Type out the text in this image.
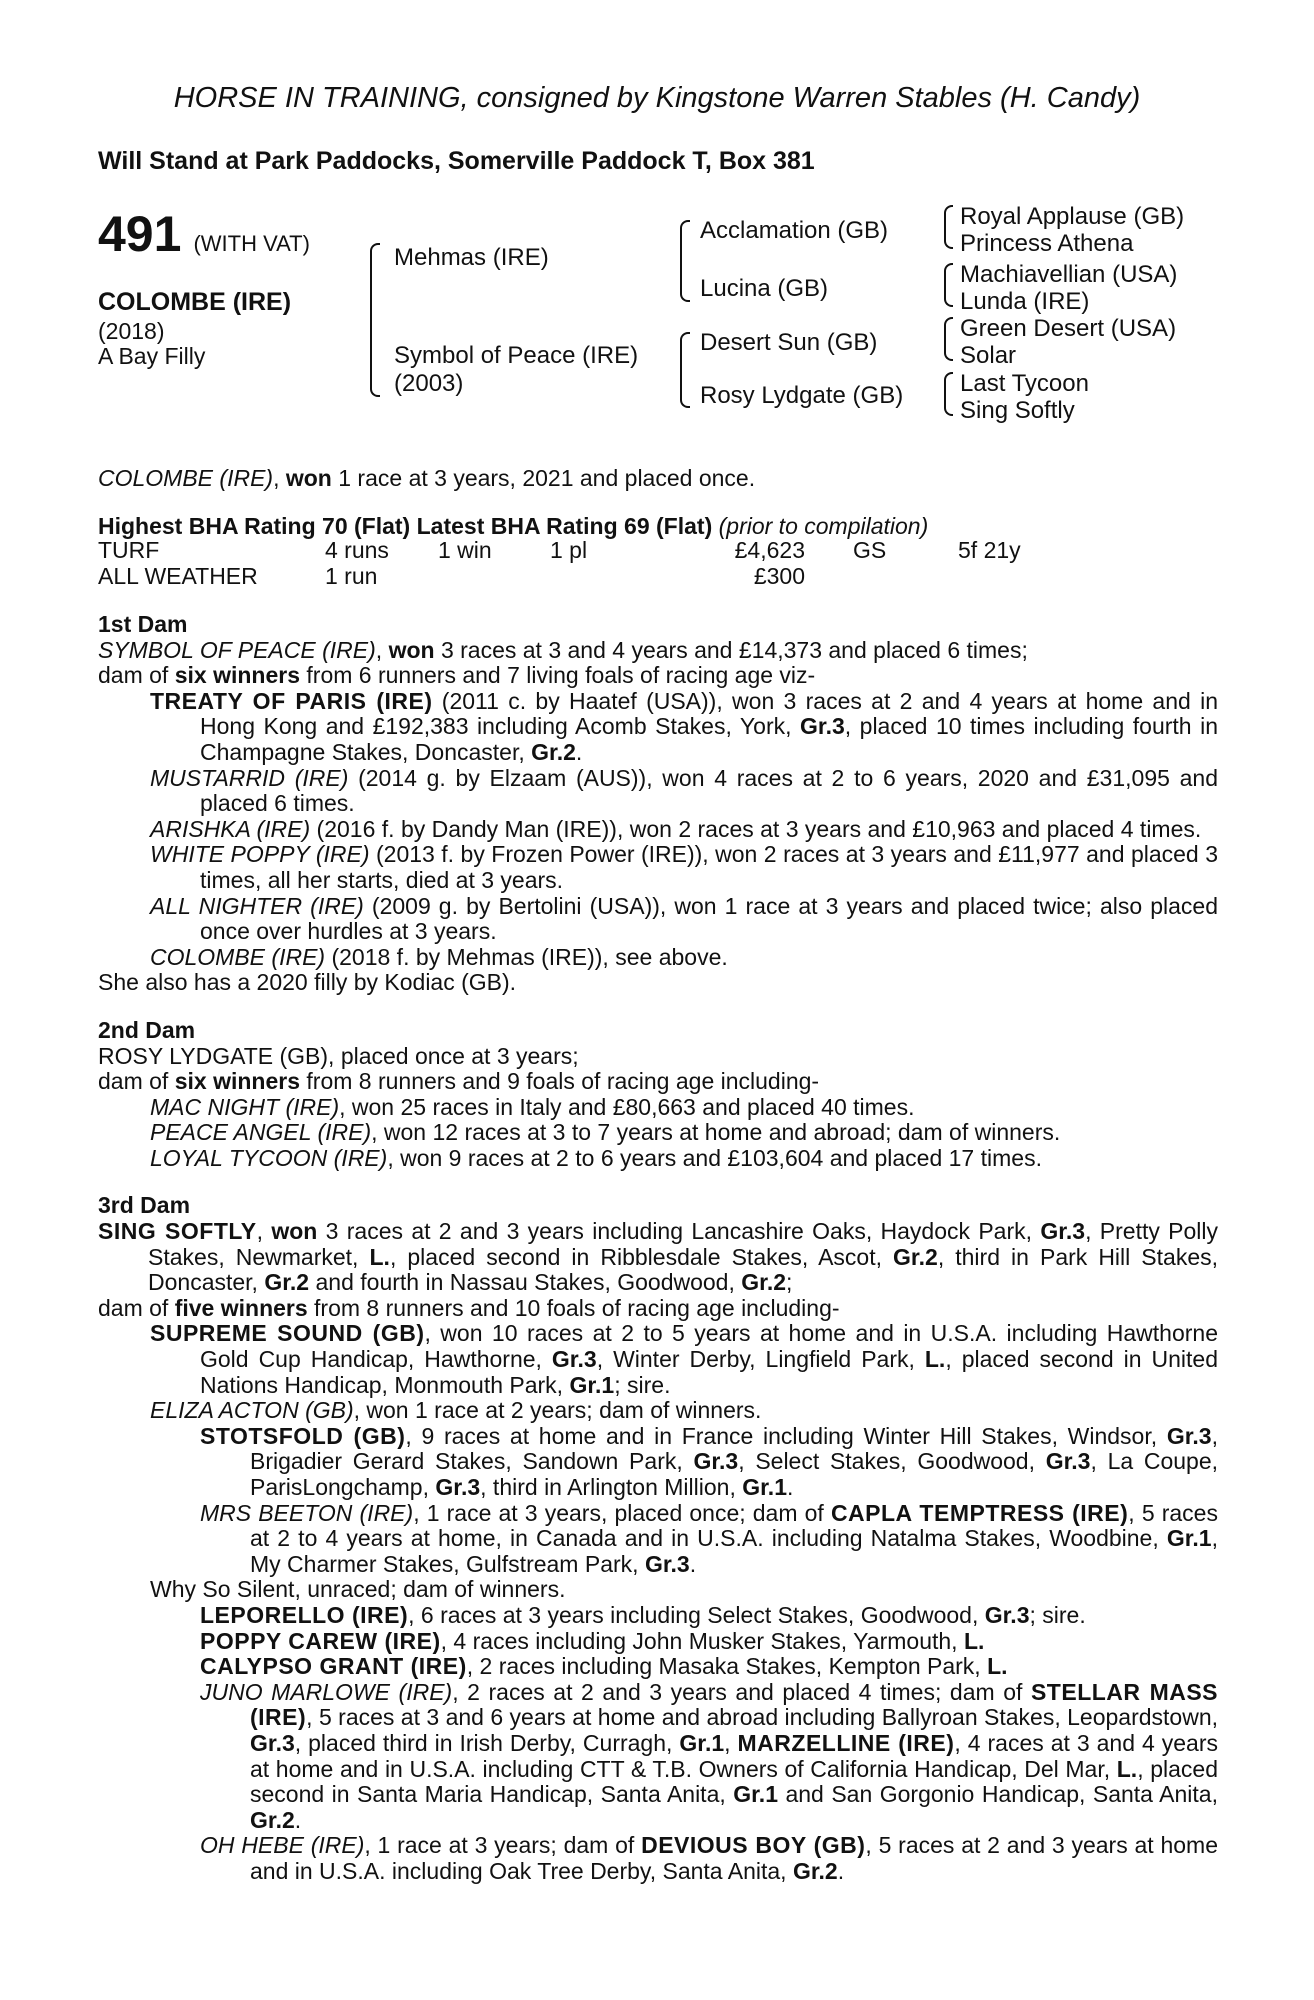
HORSE IN TRAINING, consigned by Kingstone Warren Stables (H. Candy)
Will Stand at Park Paddocks, Somerville Paddock T, Box 381
491 (WITH VAT)
COLOMBE (IRE)
(2018)
A Bay Filly
Mehmas (IRE)
Symbol of Peace (IRE)
(2003)
Acclamation (GB)
Lucina (GB)
Desert Sun (GB)
Rosy Lydgate (GB)
Royal Applause (GB)
Princess Athena
Machiavellian (USA)
Lunda (IRE)
Green Desert (USA)
Solar
Last Tycoon
Sing Softly
COLOMBE (IRE), won 1 race at 3 years, 2021 and placed once.
Highest BHA Rating 70 (Flat) Latest BHA Rating 69 (Flat) (prior to compilation)
TURF	4 runs	1 win	1 pl	£4,623	GS	5f 21y
ALL WEATHER	1 run			£300		

1st Dam

SYMBOL OF PEACE (IRE), won 3 races at 3 and 4 years and £14,373 and placed 6 times;

dam of six winners from 6 runners and 7 living foals of racing age viz-

TREATY OF PARIS (IRE) (2011 c. by Haatef (USA)), won 3 races at 2 and 4 years at home and in Hong Kong and £192,383 including Acomb Stakes, York, Gr.3, placed 10 times including fourth in Champagne Stakes, Doncaster, Gr.2.

MUSTARRID (IRE) (2014 g. by Elzaam (AUS)), won 4 races at 2 to 6 years, 2020 and £31,095 and placed 6 times.

ARISHKA (IRE) (2016 f. by Dandy Man (IRE)), won 2 races at 3 years and £10,963 and placed 4 times.

WHITE POPPY (IRE) (2013 f. by Frozen Power (IRE)), won 2 races at 3 years and £11,977 and placed 3 times, all her starts, died at 3 years.

ALL NIGHTER (IRE) (2009 g. by Bertolini (USA)), won 1 race at 3 years and placed twice; also placed once over hurdles at 3 years.

COLOMBE (IRE) (2018 f. by Mehmas (IRE)), see above.

She also has a 2020 filly by Kodiac (GB).

2nd Dam

ROSY LYDGATE (GB), placed once at 3 years;

dam of six winners from 8 runners and 9 foals of racing age including-

MAC NIGHT (IRE), won 25 races in Italy and £80,663 and placed 40 times.

PEACE ANGEL (IRE), won 12 races at 3 to 7 years at home and abroad; dam of winners.

LOYAL TYCOON (IRE), won 9 races at 2 to 6 years and £103,604 and placed 17 times.

3rd Dam

SING SOFTLY, won 3 races at 2 and 3 years including Lancashire Oaks, Haydock Park, Gr.3, Pretty Polly Stakes, Newmarket, L., placed second in Ribblesdale Stakes, Ascot, Gr.2, third in Park Hill Stakes, Doncaster, Gr.2 and fourth in Nassau Stakes, Goodwood, Gr.2;

dam of five winners from 8 runners and 10 foals of racing age including-

SUPREME SOUND (GB), won 10 races at 2 to 5 years at home and in U.S.A. including Hawthorne Gold Cup Handicap, Hawthorne, Gr.3, Winter Derby, Lingfield Park, L., placed second in United Nations Handicap, Monmouth Park, Gr.1; sire.

ELIZA ACTON (GB), won 1 race at 2 years; dam of winners.

STOTSFOLD (GB), 9 races at home and in France including Winter Hill Stakes, Windsor, Gr.3, Brigadier Gerard Stakes, Sandown Park, Gr.3, Select Stakes, Goodwood, Gr.3, La Coupe, ParisLongchamp, Gr.3, third in Arlington Million, Gr.1.

MRS BEETON (IRE), 1 race at 3 years, placed once; dam of CAPLA TEMPTRESS (IRE), 5 races at 2 to 4 years at home, in Canada and in U.S.A. including Natalma Stakes, Woodbine, Gr.1, My Charmer Stakes, Gulfstream Park, Gr.3.

Why So Silent, unraced; dam of winners.

LEPORELLO (IRE), 6 races at 3 years including Select Stakes, Goodwood, Gr.3; sire.

POPPY CAREW (IRE), 4 races including John Musker Stakes, Yarmouth, L.

CALYPSO GRANT (IRE), 2 races including Masaka Stakes, Kempton Park, L.

JUNO MARLOWE (IRE), 2 races at 2 and 3 years and placed 4 times; dam of STELLAR MASS (IRE), 5 races at 3 and 6 years at home and abroad including Ballyroan Stakes, Leopardstown, Gr.3, placed third in Irish Derby, Curragh, Gr.1, MARZELLINE (IRE), 4 races at 3 and 4 years at home and in U.S.A. including CTT & T.B. Owners of California Handicap, Del Mar, L., placed second in Santa Maria Handicap, Santa Anita, Gr.1 and San Gorgonio Handicap, Santa Anita, Gr.2.

OH HEBE (IRE), 1 race at 3 years; dam of DEVIOUS BOY (GB), 5 races at 2 and 3 years at home and in U.S.A. including Oak Tree Derby, Santa Anita, Gr.2.
